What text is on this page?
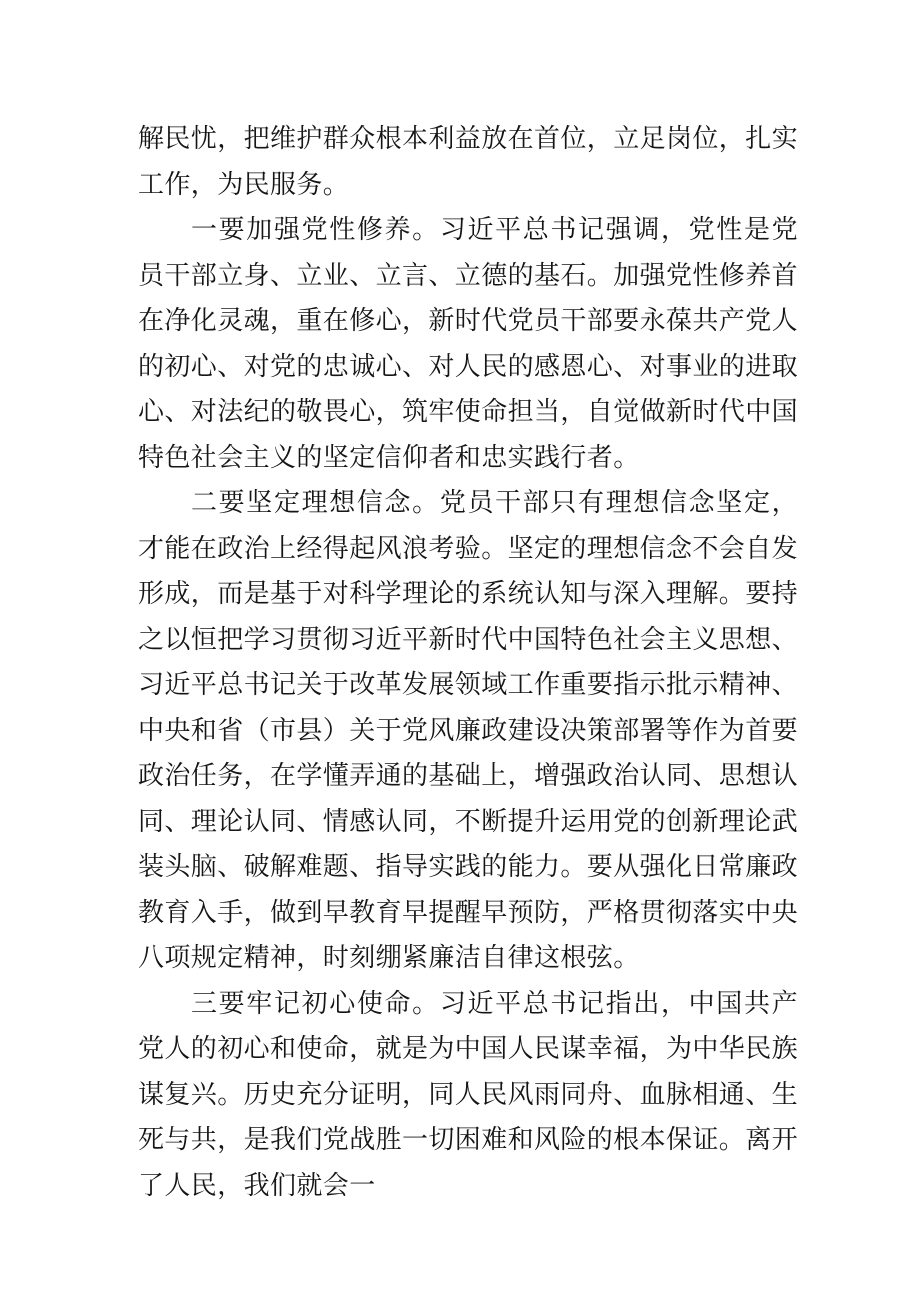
解民忧，把维护群众根本利益放在首位，立足岗位，扎实工作，为民服务。

一要加强党性修养。习近平总书记强调，党性是党员干部立身、立业、立言、立德的基石。加强党性修养首在净化灵魂，重在修心，新时代党员干部要永葆共产党人的初心、对党的忠诚心、对人民的感恩心、对事业的进取心、对法纪的敬畏心，筑牢使命担当，自觉做新时代中国特色社会主义的坚定信仰者和忠实践行者。

二要坚定理想信念。党员干部只有理想信念坚定，才能在政治上经得起风浪考验。坚定的理想信念不会自发形成，而是基于对科学理论的系统认知与深入理解。要持之以恒把学习贯彻习近平新时代中国特色社会主义思想、习近平总书记关于改革发展领域工作重要指示批示精神、中央和省（市县）关于党风廉政建设决策部署等作为首要政治任务，在学懂弄通的基础上，增强政治认同、思想认同、理论认同、情感认同，不断提升运用党的创新理论武装头脑、破解难题、指导实践的能力。要从强化日常廉政教育入手，做到早教育早提醒早预防，严格贯彻落实中央八项规定精神，时刻绷紧廉洁自律这根弦。

三要牢记初心使命。习近平总书记指出，中国共产党人的初心和使命，就是为中国人民谋幸福，为中华民族谋复兴。历史充分证明，同人民风雨同舟、血脉相通、生死与共，是我们党战胜一切困难和风险的根本保证。离开了人民，我们就会一
